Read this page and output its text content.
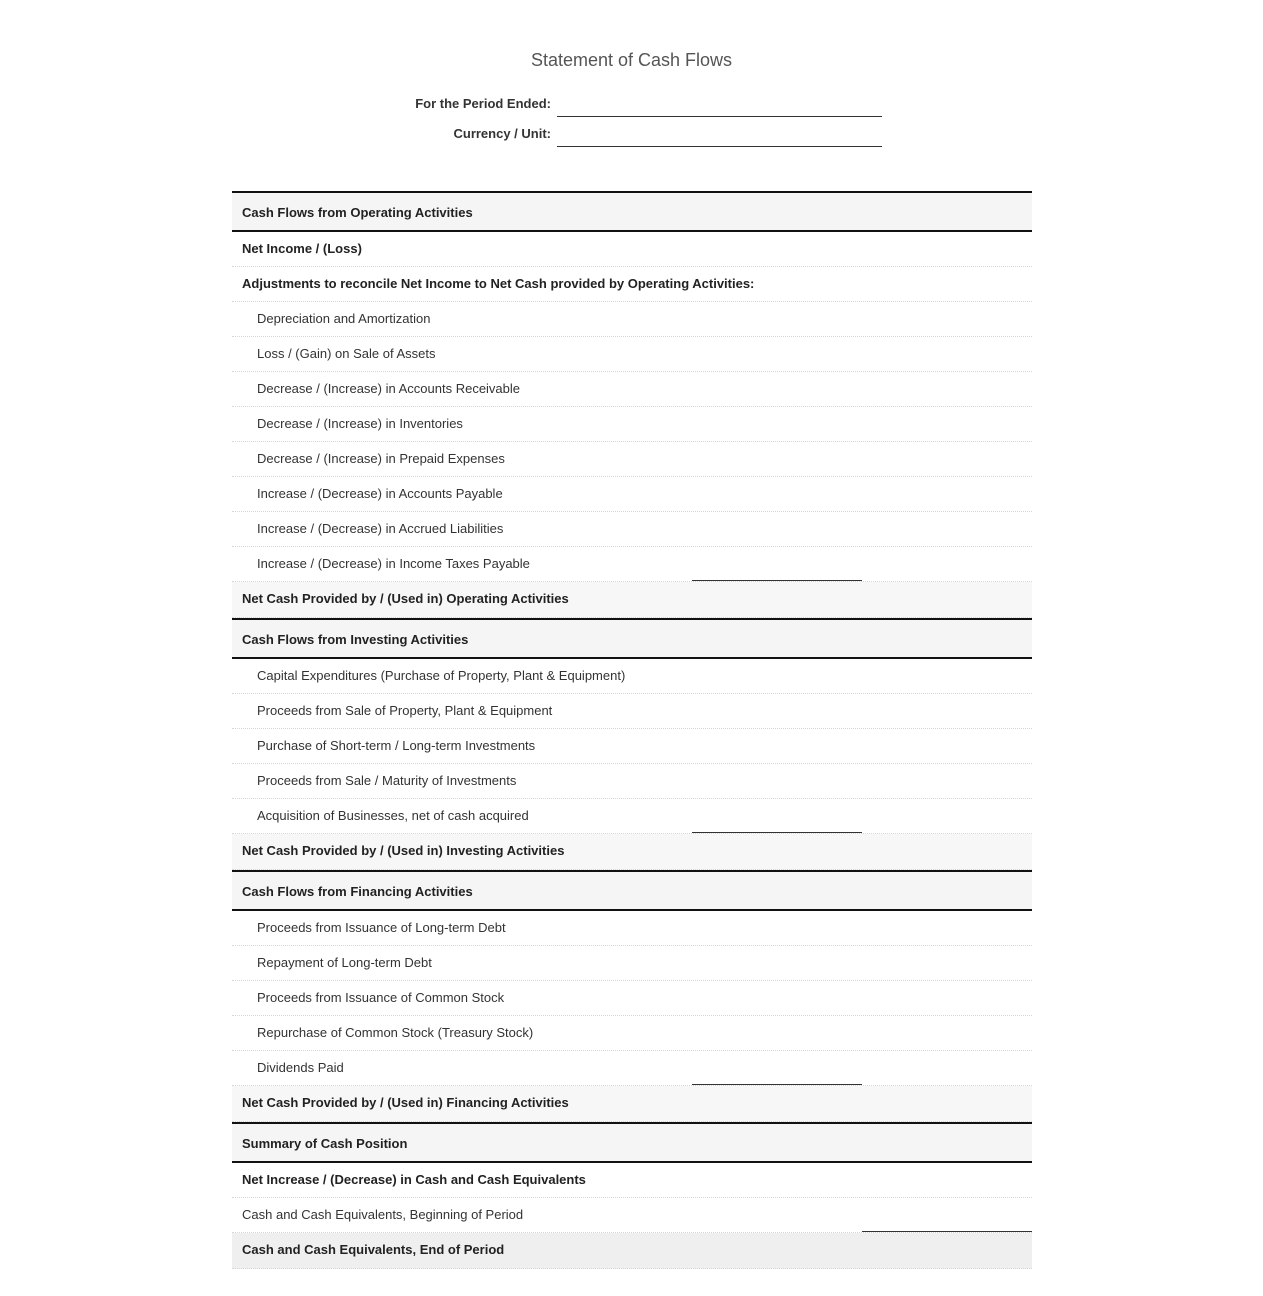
Statement of Cash Flows
For the Period Ended:
Currency / Unit:
Cash Flows from Operating Activities
Net Income / (Loss)
Adjustments to reconcile Net Income to Net Cash provided by Operating Activities:
Depreciation and Amortization
Loss / (Gain) on Sale of Assets
Decrease / (Increase) in Accounts Receivable
Decrease / (Increase) in Inventories
Decrease / (Increase) in Prepaid Expenses
Increase / (Decrease) in Accounts Payable
Increase / (Decrease) in Accrued Liabilities
Increase / (Decrease) in Income Taxes Payable
Net Cash Provided by / (Used in) Operating Activities
Cash Flows from Investing Activities
Capital Expenditures (Purchase of Property, Plant & Equipment)
Proceeds from Sale of Property, Plant & Equipment
Purchase of Short-term / Long-term Investments
Proceeds from Sale / Maturity of Investments
Acquisition of Businesses, net of cash acquired
Net Cash Provided by / (Used in) Investing Activities
Cash Flows from Financing Activities
Proceeds from Issuance of Long-term Debt
Repayment of Long-term Debt
Proceeds from Issuance of Common Stock
Repurchase of Common Stock (Treasury Stock)
Dividends Paid
Net Cash Provided by / (Used in) Financing Activities
Summary of Cash Position
Net Increase / (Decrease) in Cash and Cash Equivalents
Cash and Cash Equivalents, Beginning of Period
Cash and Cash Equivalents, End of Period
